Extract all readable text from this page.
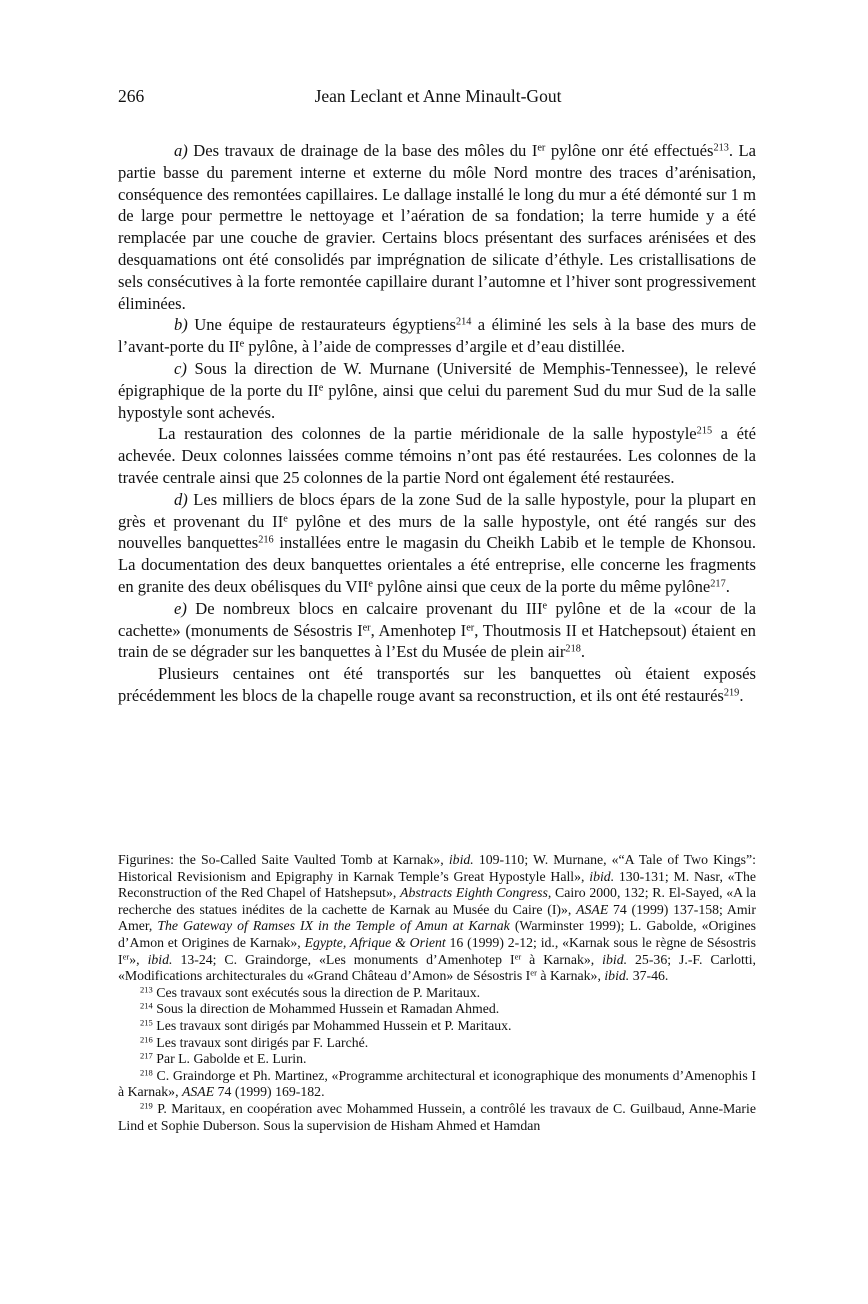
266	Jean Leclant et Anne Minault-Gout

a) Des travaux de drainage de la base des môles du Ier pylône onr été effectués$^{213}$. La partie basse du parement interne et externe du môle Nord montre des traces d’arénisation, conséquence des remontées capillaires. Le dallage installé le long du mur a été démonté sur 1 m de large pour permettre le nettoyage et l’aération de sa fondation; la terre humide y a été remplacée par une couche de gravier. Certains blocs présentant des surfaces arénisées et des desquamations ont été consolidés par imprégnation de silicate d’éthyle. Les cristallisations de sels consécutives à la forte remontée capillaire durant l’automne et l’hiver sont progressivement éliminées.

b) Une équipe de restaurateurs égyptiens$^{214}$ a éliminé les sels à la base des murs de l’avant-porte du IIe pylône, à l’aide de compresses d’argile et d’eau distillée.

c) Sous la direction de W. Murnane (Université de Memphis-Tennessee), le relevé épigraphique de la porte du IIe pylône, ainsi que celui du parement Sud du mur Sud de la salle hypostyle sont achevés.

La restauration des colonnes de la partie méridionale de la salle hypostyle$^{215}$ a été achevée. Deux colonnes laissées comme témoins n’ont pas été restaurées. Les colonnes de la travée centrale ainsi que 25 colonnes de la partie Nord ont également été restaurées.

d) Les milliers de blocs épars de la zone Sud de la salle hypostyle, pour la plupart en grès et provenant du IIe pylône et des murs de la salle hypostyle, ont été rangés sur des nouvelles banquettes$^{216}$ installées entre le magasin du Cheikh Labib et le temple de Khonsou. La documentation des deux banquettes orientales a été entreprise, elle concerne les fragments en granite des deux obélisques du VIIe pylône ainsi que ceux de la porte du même pylône$^{217}$.

e) De nombreux blocs en calcaire provenant du IIIe pylône et de la «cour de la cachette» (monuments de Sésostris Ier, Amenhotep Ier, Thoutmosis II et Hatchepsout) étaient en train de se dégrader sur les banquettes à l’Est du Musée de plein air$^{218}$.

Plusieurs centaines ont été transportés sur les banquettes où étaient exposés précédemment les blocs de la chapelle rouge avant sa reconstruction, et ils ont été restaurés$^{219}$.

Figurines: the So-Called Saite Vaulted Tomb at Karnak», ibid. 109-110; W. Murnane, «“A Tale of Two Kings”: Historical Revisionism and Epigraphy in Karnak Temple’s Great Hypostyle Hall», ibid. 130-131; M. Nasr, «The Reconstruction of the Red Chapel of Hatshepsut», Abstracts Eighth Congress, Cairo 2000, 132; R. El-Sayed, «A la recherche des statues inédites de la cachette de Karnak au Musée du Caire (I)», ASAE 74 (1999) 137-158; Amir Amer, The Gateway of Ramses IX in the Temple of Amun at Karnak (Warminster 1999); L. Gabolde, «Origines d’Amon et Origines de Karnak», Egypte, Afrique & Orient 16 (1999) 2-12; id., «Karnak sous le règne de Sésostris Ier», ibid. 13-24; C. Graindorge, «Les monuments d’Amenhotep Ier à Karnak», ibid. 25-36; J.-F. Carlotti, «Modifications architecturales du «Grand Château d’Amon» de Sésostris Ier à Karnak», ibid. 37-46.

$^{213}$ Ces travaux sont exécutés sous la direction de P. Maritaux.

$^{214}$ Sous la direction de Mohammed Hussein et Ramadan Ahmed.

$^{215}$ Les travaux sont dirigés par Mohammed Hussein et P. Maritaux.

$^{216}$ Les travaux sont dirigés par F. Larché.

$^{217}$ Par L. Gabolde et E. Lurin.

$^{218}$ C. Graindorge et Ph. Martinez, «Programme architectural et iconographique des monuments d’Amenophis I à Karnak», ASAE 74 (1999) 169-182.

$^{219}$ P. Maritaux, en coopération avec Mohammed Hussein, a contrôlé les travaux de C. Guilbaud, Anne-Marie Lind et Sophie Duberson. Sous la supervision de Hisham Ahmed et Hamdan
